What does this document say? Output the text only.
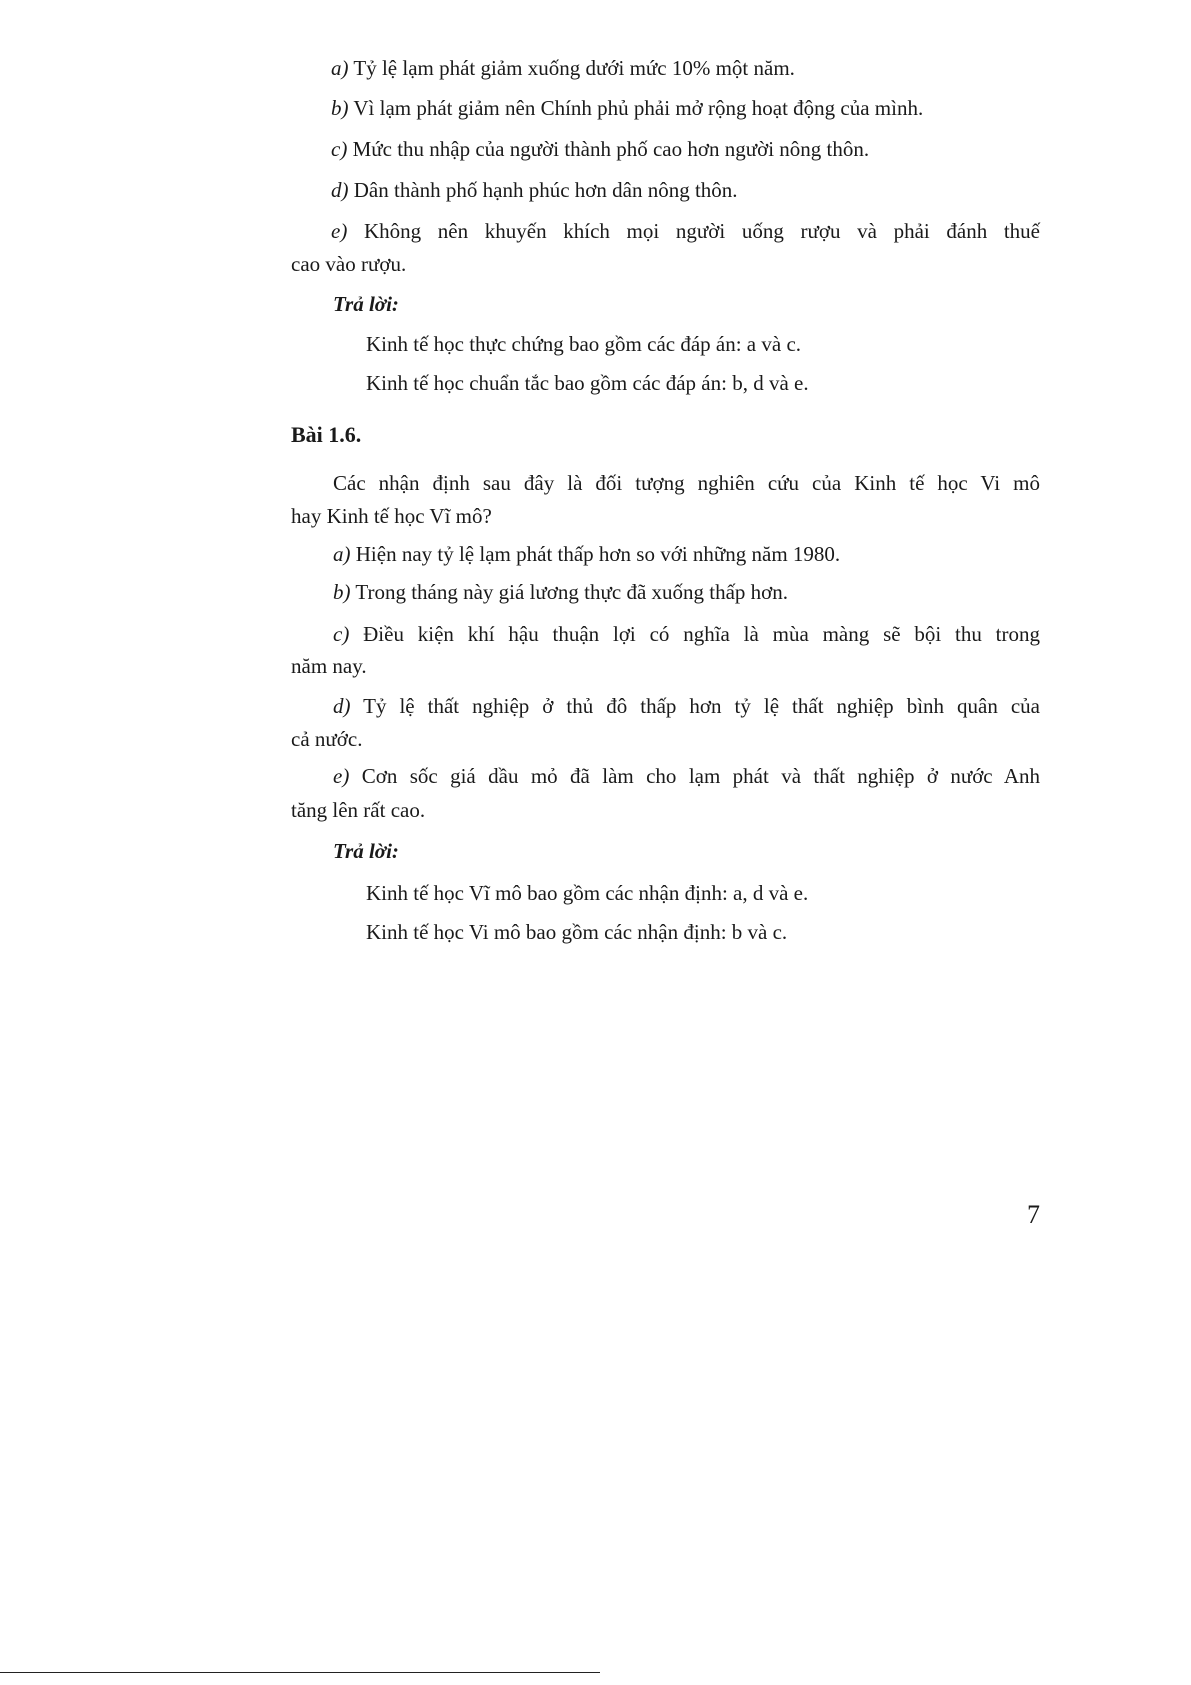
a) Tỷ lệ lạm phát giảm xuống dưới mức 10% một năm.
b) Vì lạm phát giảm nên Chính phủ phải mở rộng hoạt động của mình.
c) Mức thu nhập của người thành phố cao hơn người nông thôn.
d) Dân thành phố hạnh phúc hơn dân nông thôn.
e) Không nên khuyến khích mọi người uống rượu và phải đánh thuế
cao vào rượu.
Trả lời:
Kinh tế học thực chứng bao gồm các đáp án: a và c.
Kinh tế học chuẩn tắc bao gồm các đáp án: b, d và e.
Bài 1.6.
Các nhận định sau đây là đối tượng nghiên cứu của Kinh tế học Vi mô
hay Kinh tế học Vĩ mô?
a) Hiện nay tỷ lệ lạm phát thấp hơn so với những năm 1980.
b) Trong tháng này giá lương thực đã xuống thấp hơn.
c) Điều kiện khí hậu thuận lợi có nghĩa là mùa màng sẽ bội thu trong
năm nay.
d) Tỷ lệ thất nghiệp ở thủ đô thấp hơn tỷ lệ thất nghiệp bình quân của
cả nước.
e) Cơn sốc giá dầu mỏ đã làm cho lạm phát và thất nghiệp ở nước Anh
tăng lên rất cao.
Trả lời:
Kinh tế học Vĩ mô bao gồm các nhận định: a, d và e.
Kinh tế học Vi mô bao gồm các nhận định: b và c.
7
